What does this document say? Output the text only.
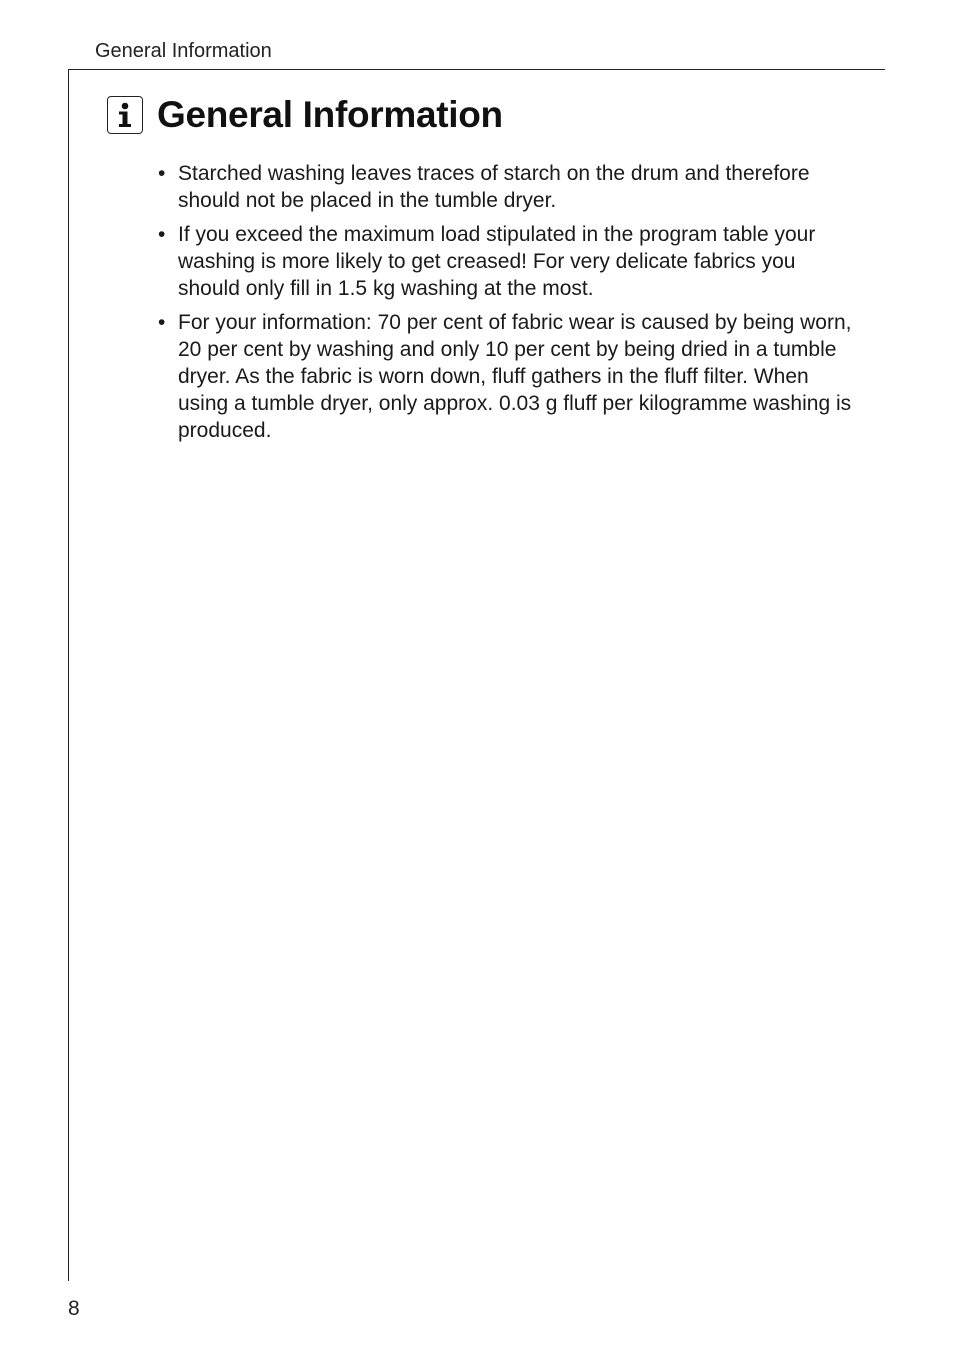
General Information
General Information
• Starched washing leaves traces of starch on the drum and therefore should not be placed in the tumble dryer.
• If you exceed the maximum load stipulated in the program table your washing is more likely to get creased! For very delicate fabrics you should only fill in 1.5 kg washing at the most.
• For your information: 70 per cent of fabric wear is caused by being worn, 20 per cent by washing and only 10 per cent by being dried in a tumble dryer. As the fabric is worn down, fluff gathers in the fluff filter. When using a tumble dryer, only approx. 0.03 g fluff per kilogramme washing is produced.
8
